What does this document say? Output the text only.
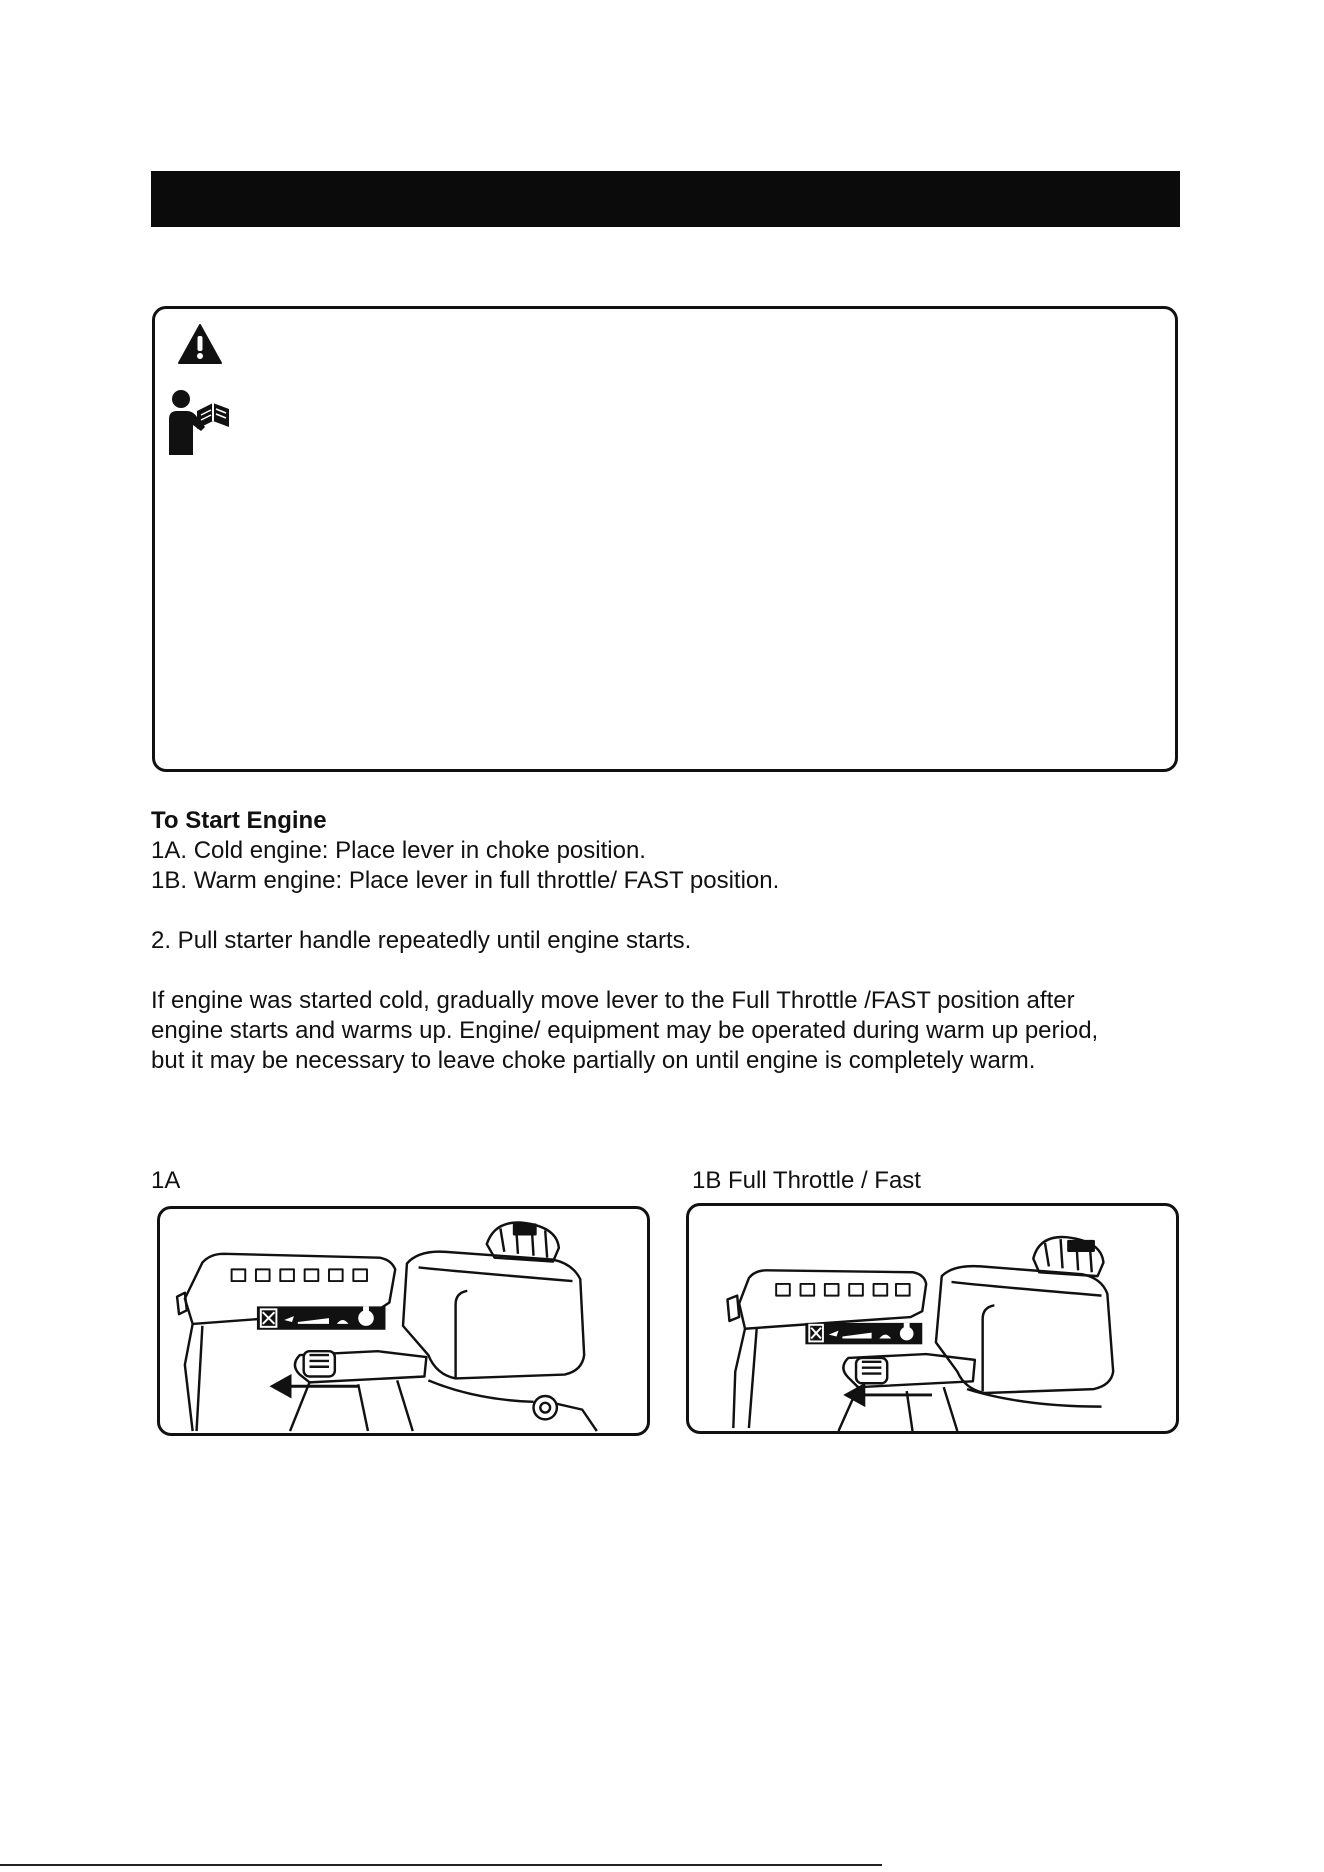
To Start Engine
1A. Cold engine: Place lever in choke position.
1B. Warm engine: Place lever in full throttle/ FAST position.
2. Pull starter handle repeatedly until engine starts.
If engine was started cold, gradually move lever to the Full Throttle /FAST position after
engine starts and warms up. Engine/ equipment may be operated during warm up period,
but it may be necessary to leave choke partially on until engine is completely warm.
1A	1B Full Throttle / Fast
